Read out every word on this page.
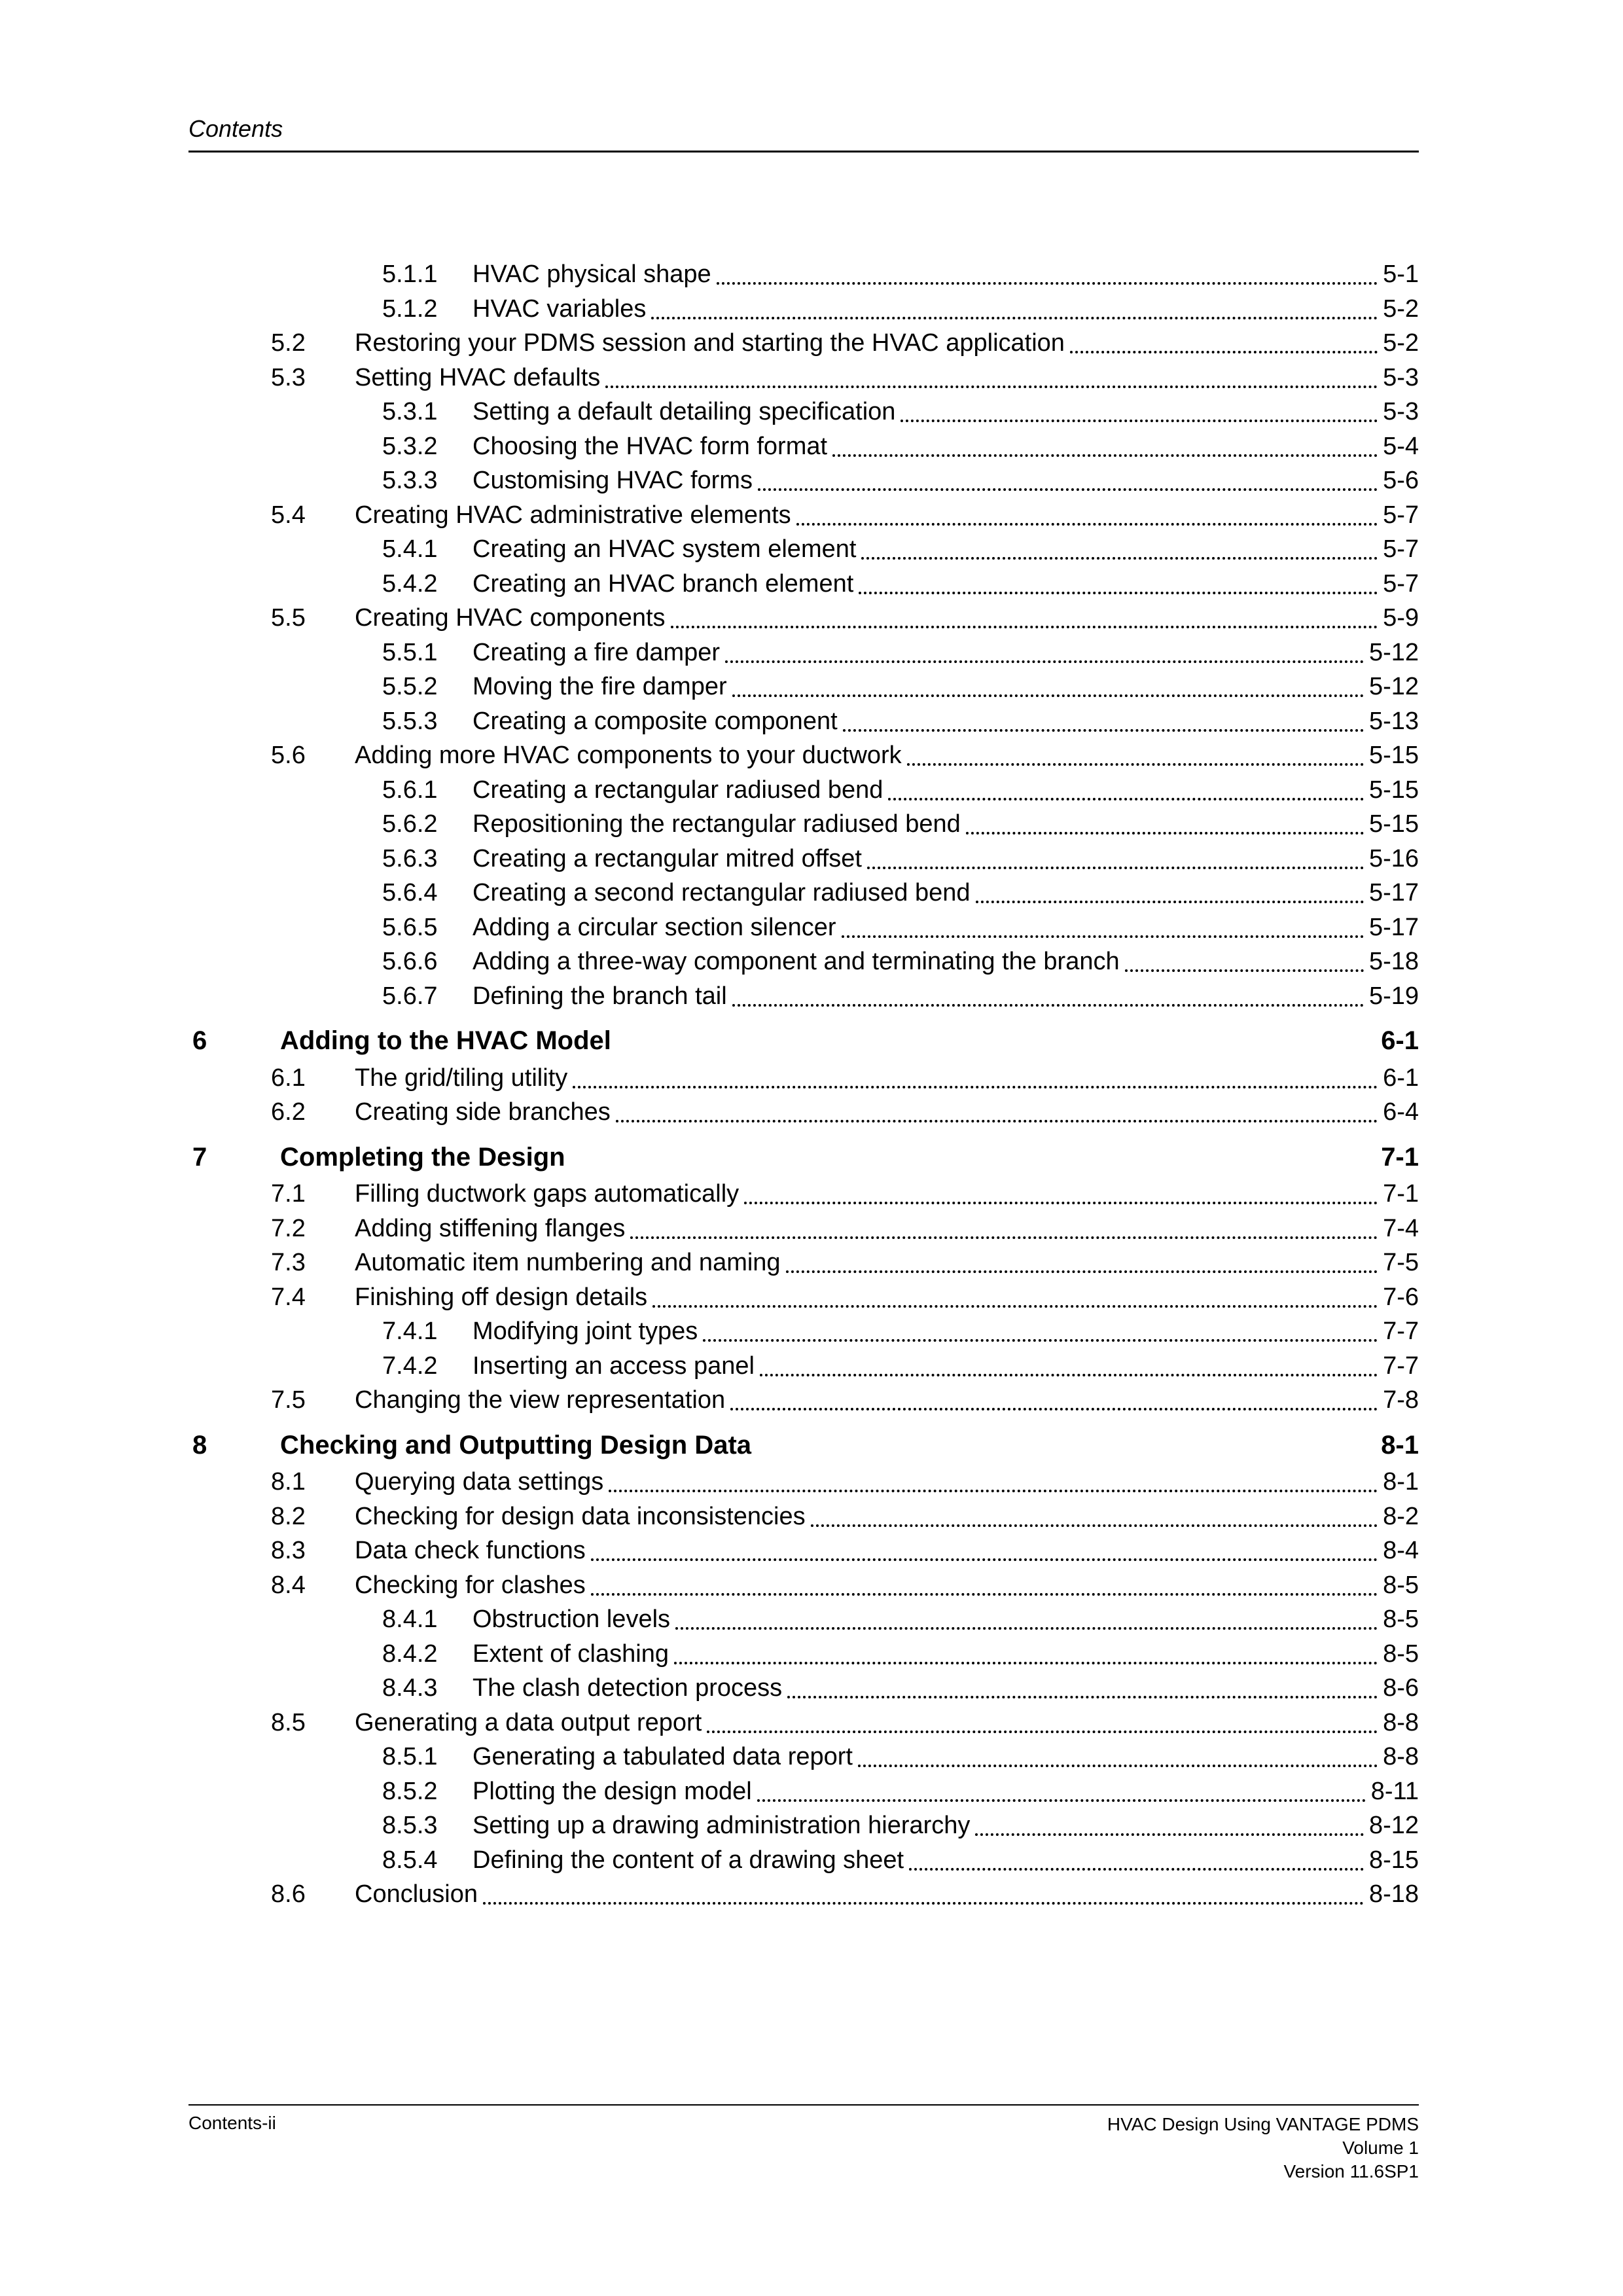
Contents
5.1.1	HVAC physical shape	5-1
5.1.2	HVAC variables	5-2
5.2	Restoring your PDMS session and starting the HVAC application	5-2
5.3	Setting HVAC defaults	5-3
5.3.1	Setting a default detailing specification	5-3
5.3.2	Choosing the HVAC form format	5-4
5.3.3	Customising HVAC forms	5-6
5.4	Creating HVAC administrative elements	5-7
5.4.1	Creating an HVAC system element	5-7
5.4.2	Creating an HVAC branch element	5-7
5.5	Creating HVAC components	5-9
5.5.1	Creating a fire damper	5-12
5.5.2	Moving the fire damper	5-12
5.5.3	Creating a composite component	5-13
5.6	Adding more HVAC components to your ductwork	5-15
5.6.1	Creating a rectangular radiused bend	5-15
5.6.2	Repositioning the rectangular radiused bend	5-15
5.6.3	Creating a rectangular mitred offset	5-16
5.6.4	Creating a second rectangular radiused bend	5-17
5.6.5	Adding a circular section silencer	5-17
5.6.6	Adding a three-way component and terminating the branch	5-18
5.6.7	Defining the branch tail	5-19
6	Adding to the HVAC Model	6-1
6.1	The grid/tiling utility	6-1
6.2	Creating side branches	6-4
7	Completing the Design	7-1
7.1	Filling ductwork gaps automatically	7-1
7.2	Adding stiffening flanges	7-4
7.3	Automatic item numbering and naming	7-5
7.4	Finishing off design details	7-6
7.4.1	Modifying joint types	7-7
7.4.2	Inserting an access panel	7-7
7.5	Changing the view representation	7-8
8	Checking and Outputting Design Data	8-1
8.1	Querying data settings	8-1
8.2	Checking for design data inconsistencies	8-2
8.3	Data check functions	8-4
8.4	Checking for clashes	8-5
8.4.1	Obstruction levels	8-5
8.4.2	Extent of clashing	8-5
8.4.3	The clash detection process	8-6
8.5	Generating a data output report	8-8
8.5.1	Generating a tabulated data report	8-8
8.5.2	Plotting the design model	8-11
8.5.3	Setting up a drawing administration hierarchy	8-12
8.5.4	Defining the content of a drawing sheet	8-15
8.6	Conclusion	8-18
Contents-ii	HVAC Design Using VANTAGE PDMS
Volume 1
Version 11.6SP1
